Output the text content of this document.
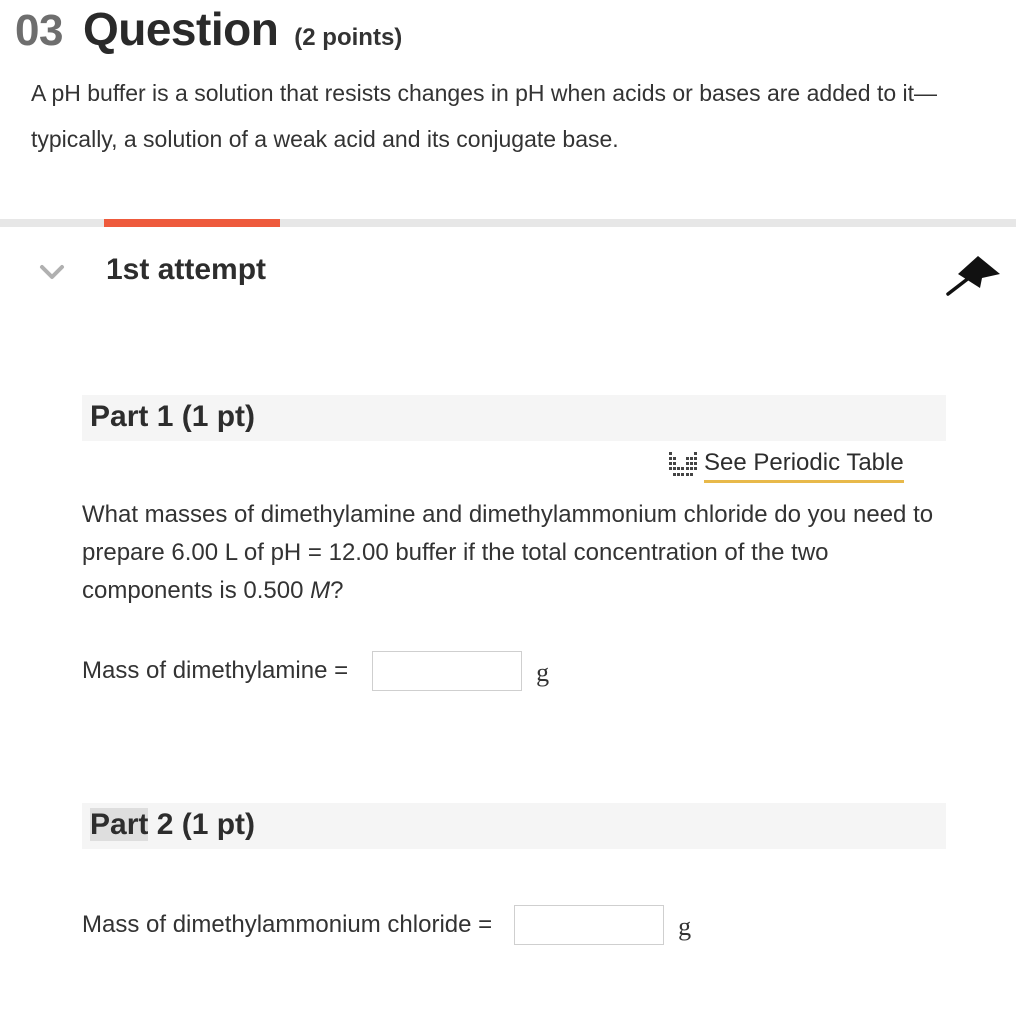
03 Question (2 points)
A pH buffer is a solution that resists changes in pH when acids or bases are added to it—typically, a solution of a weak acid and its conjugate base.
1st attempt
Part 1 (1 pt)
See Periodic Table
What masses of dimethylamine and dimethylammonium chloride do you need to prepare 6.00 L of pH = 12.00 buffer if the total concentration of the two components is 0.500 M?
Mass of dimethylamine =	g
Part 2 (1 pt)
Mass of dimethylammonium chloride =	g
